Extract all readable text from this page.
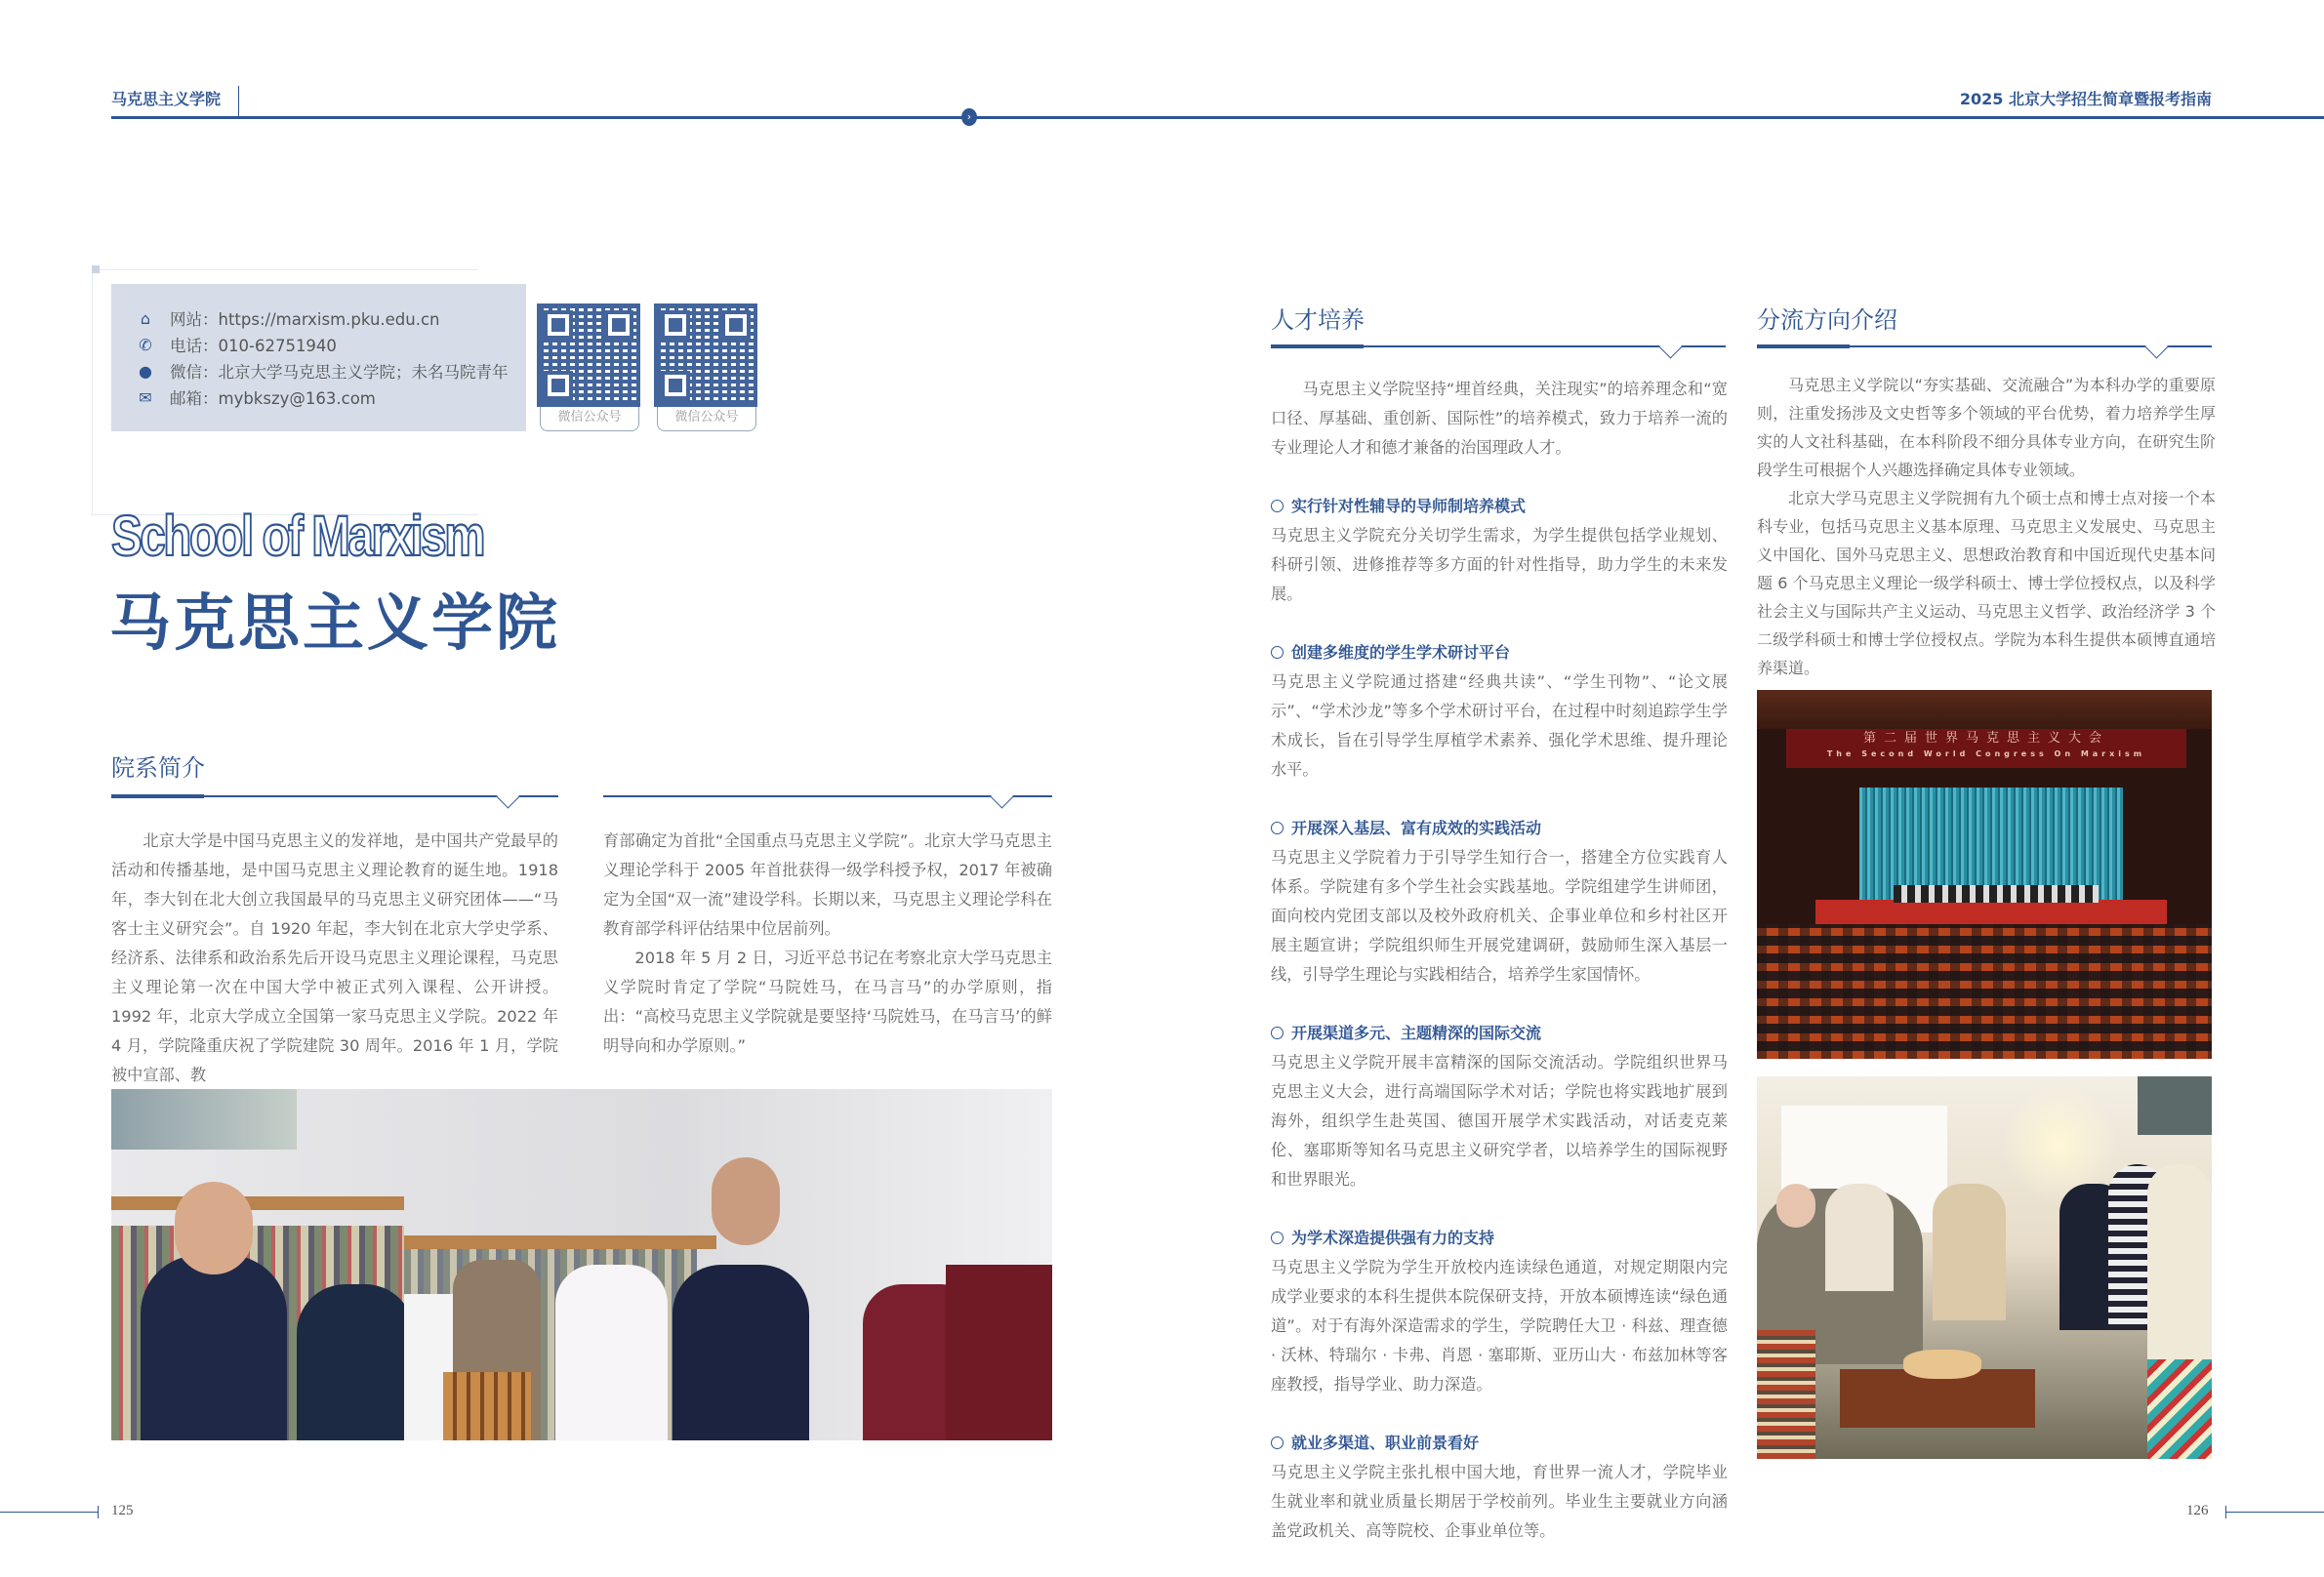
马克思主义学院	2025 北京大学招生简章暨报考指南
›
⌂	网站：https://marxism.pku.edu.cn
✆ 电话：010-62751940
● 微信：北京大学马克思主义学院；未名马院青年
✉ 邮箱：mybkszy@163.com
微信公众号	微信公众号
School of Marxism
马克思主义学院
院系简介

北京大学是中国马克思主义的发祥地，是中国共产党最早的活动和传播基地，是中国马克思主义理论教育的诞生地。1918年，李大钊在北大创立我国最早的马克思主义研究团体——“马客士主义研究会”。自 1920 年起，李大钊在北京大学史学系、经济系、法律系和政治系先后开设马克思主义理论课程，马克思主义理论第一次在中国大学中被正式列入课程、公开讲授。1992 年，北京大学成立全国第一家马克思主义学院。2022 年 4 月，学院隆重庆祝了学院建院 30 周年。2016 年 1 月，学院被中宣部、教

育部确定为首批“全国重点马克思主义学院”。北京大学马克思主义理论学科于 2005 年首批获得一级学科授予权，2017 年被确定为全国“双一流”建设学科。长期以来，马克思主义理论学科在教育部学科评估结果中位居前列。

2018 年 5 月 2 日，习近平总书记在考察北京大学马克思主义学院时肯定了学院“马院姓马，在马言马”的办学原则，指出：“高校马克思主义学院就是要坚持‘马院姓马，在马言马’的鲜明导向和办学原则。”

人才培养

马克思主义学院坚持“埋首经典，关注现实”的培养理念和“宽口径、厚基础、重创新、国际性”的培养模式，致力于培养一流的专业理论人才和德才兼备的治国理政人才。

实行针对性辅导的导师制培养模式

马克思主义学院充分关切学生需求，为学生提供包括学业规划、科研引领、进修推荐等多方面的针对性指导，助力学生的未来发展。

创建多维度的学生学术研讨平台

马克思主义学院通过搭建“经典共读”、“学生刊物”、“论文展示”、“学术沙龙”等多个学术研讨平台，在过程中时刻追踪学生学术成长，旨在引导学生厚植学术素养、强化学术思维、提升理论水平。

开展深入基层、富有成效的实践活动

马克思主义学院着力于引导学生知行合一，搭建全方位实践育人体系。学院建有多个学生社会实践基地。学院组建学生讲师团，面向校内党团支部以及校外政府机关、企事业单位和乡村社区开展主题宣讲；学院组织师生开展党建调研，鼓励师生深入基层一线，引导学生理论与实践相结合，培养学生家国情怀。

开展渠道多元、主题精深的国际交流

马克思主义学院开展丰富精深的国际交流活动。学院组织世界马克思主义大会，进行高端国际学术对话；学院也将实践地扩展到海外，组织学生赴英国、德国开展学术实践活动，对话麦克莱伦、塞耶斯等知名马克思主义研究学者，以培养学生的国际视野和世界眼光。

为学术深造提供强有力的支持

马克思主义学院为学生开放校内连读绿色通道，对规定期限内完成学业要求的本科生提供本院保研支持，开放本硕博连读“绿色通道”。对于有海外深造需求的学生，学院聘任大卫 · 科兹、理查德 · 沃林、特瑞尔 · 卡弗、肖恩 · 塞耶斯、亚历山大 · 布兹加林等客座教授，指导学业、助力深造。

就业多渠道、职业前景看好

马克思主义学院主张扎根中国大地，育世界一流人才，学院毕业生就业率和就业质量长期居于学校前列。毕业生主要就业方向涵盖党政机关、高等院校、企事业单位等。

分流方向介绍

马克思主义学院以“夯实基础、交流融合”为本科办学的重要原则，注重发扬涉及文史哲等多个领域的平台优势，着力培养学生厚实的人文社科基础，在本科阶段不细分具体专业方向，在研究生阶段学生可根据个人兴趣选择确定具体专业领域。

北京大学马克思主义学院拥有九个硕士点和博士点对接一个本科专业，包括马克思主义基本原理、马克思主义发展史、马克思主义中国化、国外马克思主义、思想政治教育和中国近现代史基本问题 6 个马克思主义理论一级学科硕士、博士学位授权点，以及科学社会主义与国际共产主义运动、马克思主义哲学、政治经济学 3 个二级学科硕士和博士学位授权点。学院为本科生提供本硕博直通培养渠道。

第二届世界马克思主义大会
The Second World Congress On Marxism
125	126
